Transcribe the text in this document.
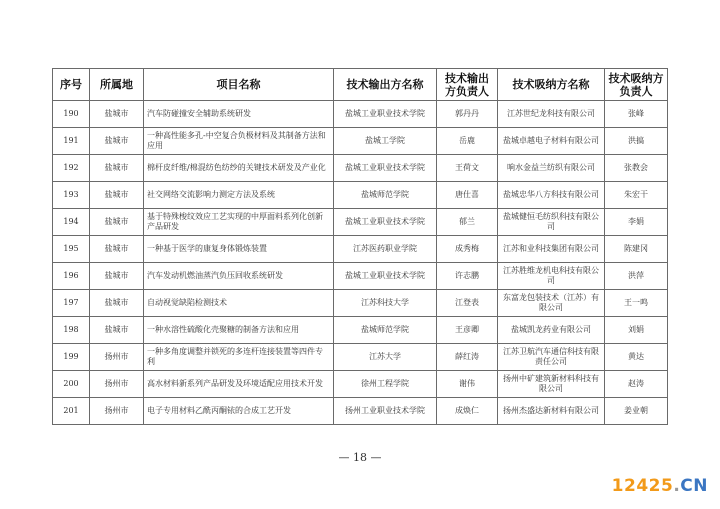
序号	所属地	项目名称	技术输出方名称	技术输出方负责人	技术吸纳方名称	技术吸纳方负责人
190	盐城市	汽车防碰撞安全辅助系统研发	盐城工业职业技术学院	郭丹丹	江苏世纪龙科技有限公司	张峰
191	盐城市	一种高性能多孔-中空复合负极材料及其制备方法和应用	盐城工学院	岳鹿	盐城卓越电子材料有限公司	洪搞
192	盐城市	棉杆皮纤维/棉混纺色纺纱的关键技术研发及产业化	盐城工业职业技术学院	王荷文	响水金益兰纺织有限公司	张教会
193	盐城市	社交网络交流影响力测定方法及系统	盐城师范学院	唐仕喜	盐城忠华八方科技有限公司	朱宏干
194	盐城市	基于特殊梭纹效应工艺实现的中厚面料系列化创新产品研发	盐城工业职业技术学院	郁兰	盐城健恒毛纺织科技有限公司	李娟
195	盐城市	一种基于医学的康复身体锻炼装置	江苏医药职业学院	成秀梅	江苏和业科技集团有限公司	陈建冈
196	盐城市	汽车发动机燃油蒸汽负压回收系统研发	盐城工业职业技术学院	许志鹏	江苏胜维龙机电科技有限公司	洪萍
197	盐城市	自动视觉缺陷检测技术	江苏科技大学	江登表	东富龙包装技术（江苏）有限公司	王一鸣
198	盐城市	一种水溶性硫酸化壳聚糖的制备方法和应用	盐城师范学院	王彦卿	盐城凯龙药业有限公司	刘娟
199	扬州市	一种多角度调整并锁死的多连杆连接装置等四件专利	江苏大学	薛红涛	江苏卫航汽车通信科技有限责任公司	黄达
200	扬州市	高水材料新系列产品研发及环境适配应用技术开发	徐州工程学院	谢伟	扬州中矿建筑新材料科技有限公司	赵涛
201	扬州市	电子专用材料乙酰丙酮铱的合成工艺开发	扬州工业职业技术学院	成焕仁	扬州杰盛达新材料有限公司	姜业朝
— 18 —
12425.CN
